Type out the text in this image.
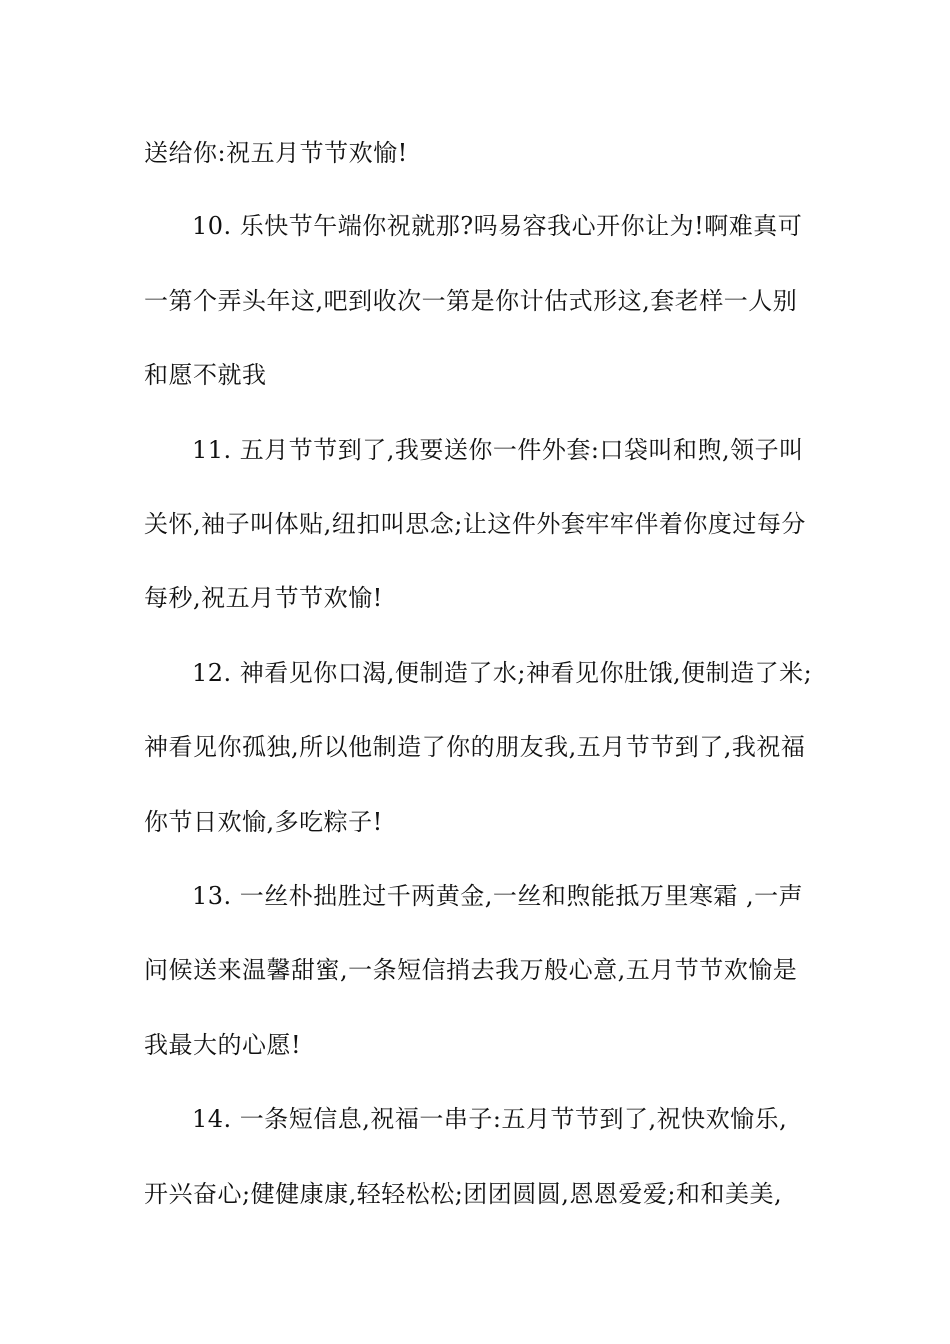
送给你:祝五月节节欢愉!
10. 乐快节午端你祝就那?吗易容我心开你让为!啊难真可
一第个弄头年这,吧到收次一第是你计估式形这,套老样一人别
和愿不就我
11. 五月节节到了,我要送你一件外套:口袋叫和煦,领子叫
关怀,袖子叫体贴,纽扣叫思念;让这件外套牢牢伴着你度过每分
每秒,祝五月节节欢愉!
12. 神看见你口渴,便制造了水;神看见你肚饿,便制造了米;
神看见你孤独,所以他制造了你的朋友我,五月节节到了,我祝福
你节日欢愉,多吃粽子!
13. 一丝朴拙胜过千两黄金,一丝和煦能抵万里寒霜 ,一声
问候送来温馨甜蜜,一条短信捎去我万般心意,五月节节欢愉是
我最大的心愿!
14. 一条短信息,祝福一串子:五月节节到了,祝快欢愉乐,
开兴奋心;健健康康,轻轻松松;团团圆圆,恩恩爱爱;和和美美,
